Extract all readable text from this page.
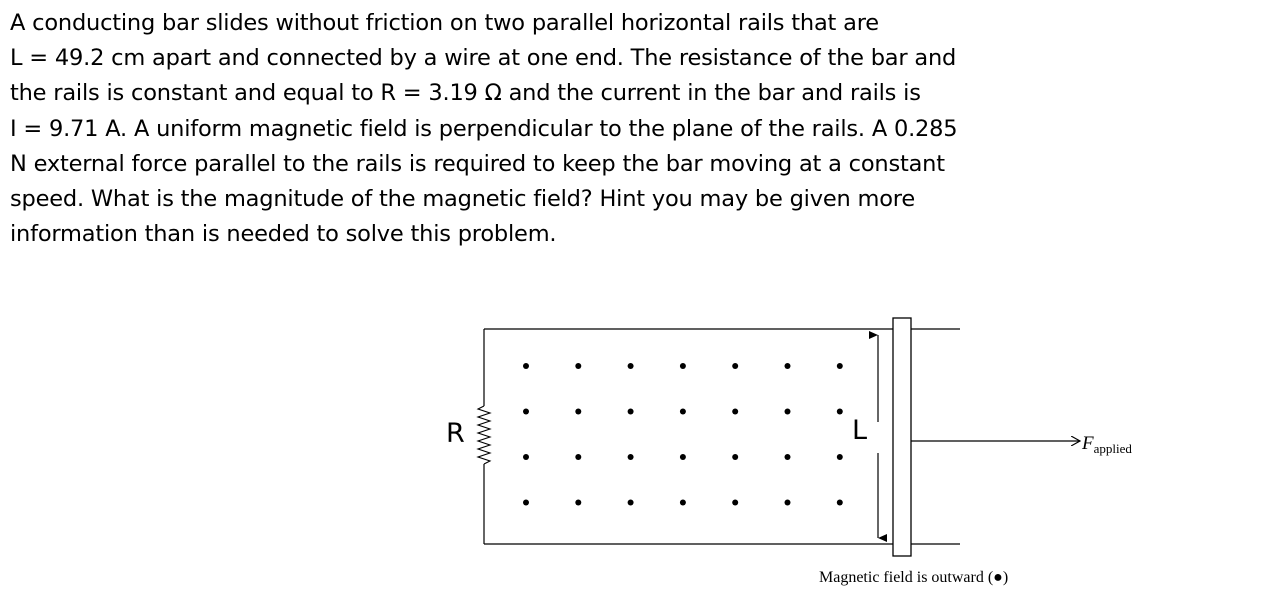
A conducting bar slides without friction on two parallel horizontal rails that are
L = 49.2 cm apart and connected by a wire at one end. The resistance of the bar and
the rails is constant and equal to R = 3.19 Ω and the current in the bar and rails is
I = 9.71 A. A uniform magnetic field is perpendicular to the plane of the rails. A 0.285
N external force parallel to the rails is required to keep the bar moving at a constant
speed. What is the magnitude of the magnetic field? Hint you may be given more
information than is needed to solve this problem.
R	L	$F_{applied}$
Magnetic field is outward (●)
